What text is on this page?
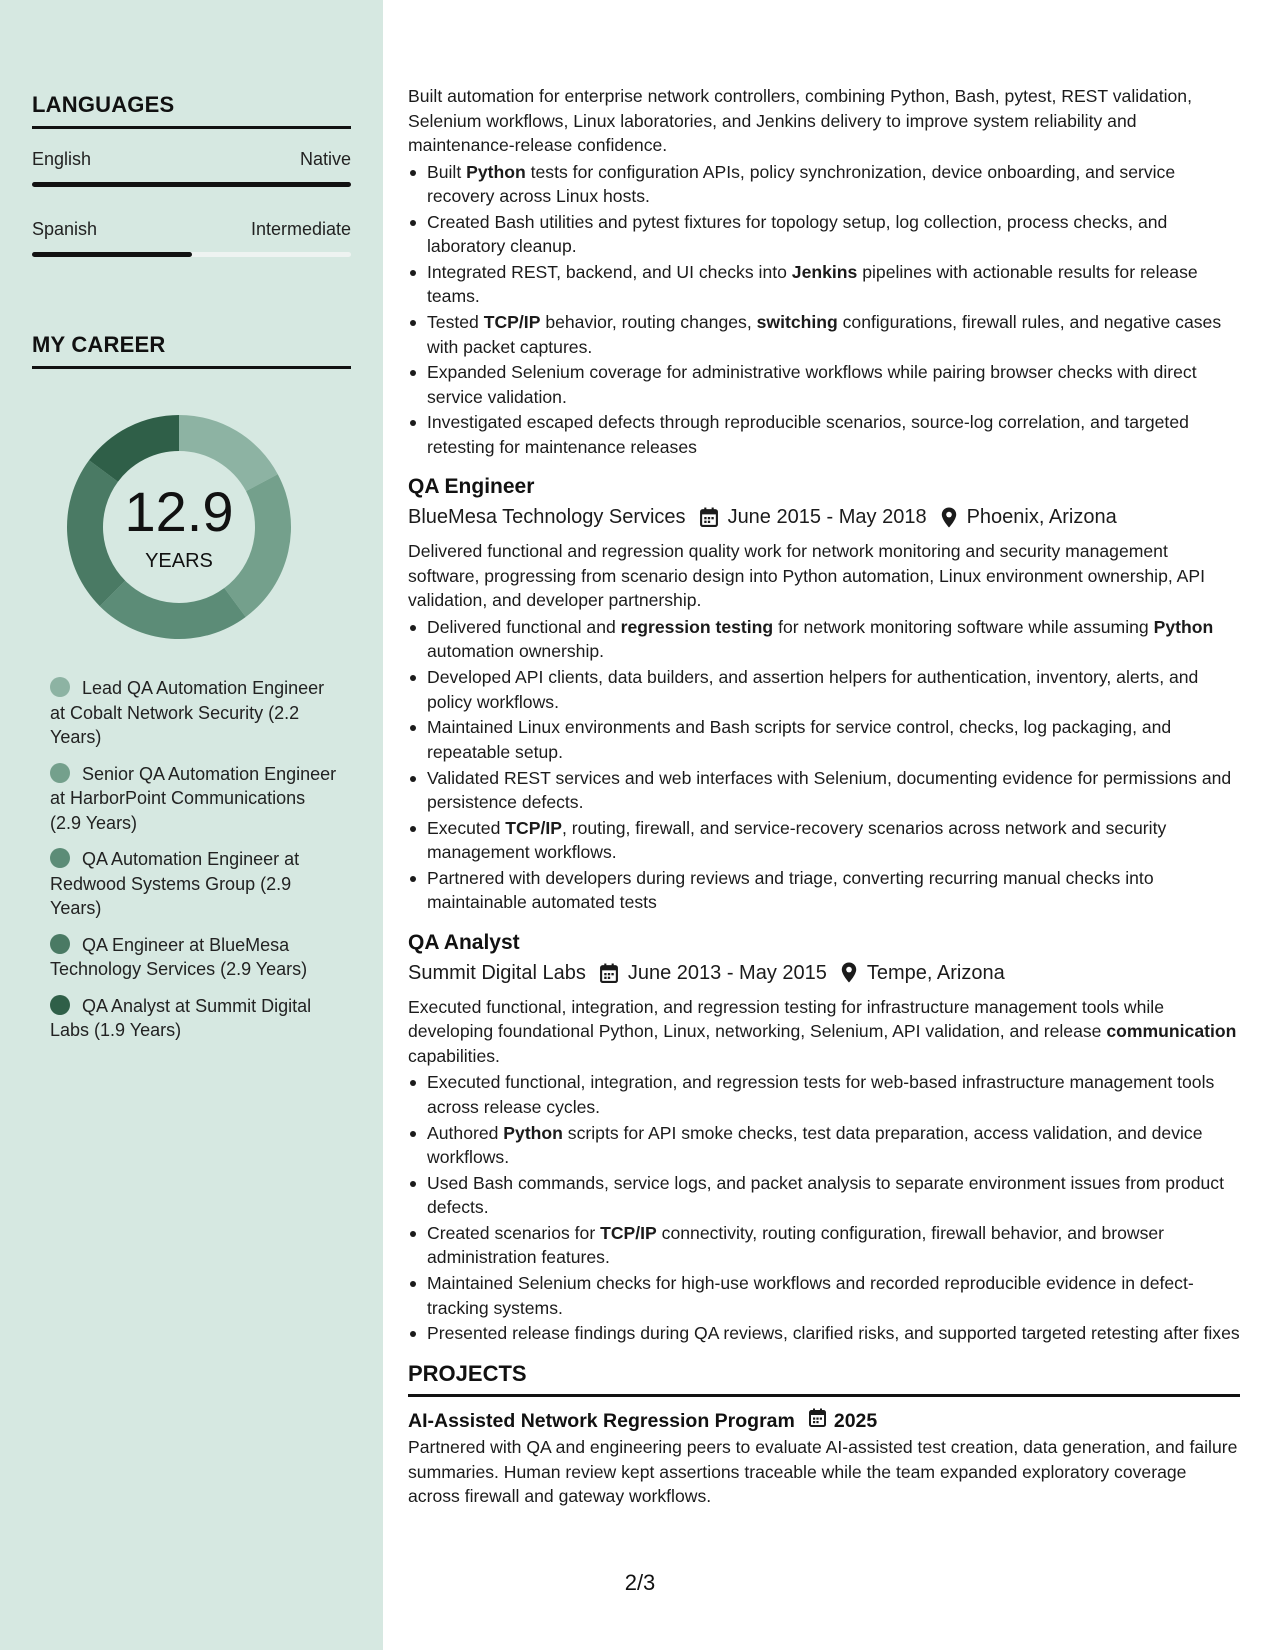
LANGUAGES
English	Native
Spanish	Intermediate
MY CAREER
12.9
YEARS
Lead QA Automation Engineer at Cobalt Network Security (2.2 Years)
Senior QA Automation Engineer at HarborPoint Communications (2.9 Years)
QA Automation Engineer at Redwood Systems Group (2.9 Years)
QA Engineer at BlueMesa Technology Services (2.9 Years)
QA Analyst at Summit Digital Labs (1.9 Years)

Built automation for enterprise network controllers, combining Python, Bash, pytest, REST validation, Selenium workflows, Linux laboratories, and Jenkins delivery to improve system reliability and maintenance-release confidence.

Built Python tests for configuration APIs, policy synchronization, device onboarding, and service recovery across Linux hosts.
Created Bash utilities and pytest fixtures for topology setup, log collection, process checks, and laboratory cleanup.
Integrated REST, backend, and UI checks into Jenkins pipelines with actionable results for release teams.
Tested TCP/IP behavior, routing changes, switching configurations, firewall rules, and negative cases with packet captures.
Expanded Selenium coverage for administrative workflows while pairing browser checks with direct service validation.
Investigated escaped defects through reproducible scenarios, source-log correlation, and targeted retesting for maintenance releases
QA Engineer
BlueMesa Technology Services June 2015 - May 2018 Phoenix, Arizona

Delivered functional and regression quality work for network monitoring and security management software, progressing from scenario design into Python automation, Linux environment ownership, API validation, and developer partnership.

Delivered functional and regression testing for network monitoring software while assuming Python automation ownership.
Developed API clients, data builders, and assertion helpers for authentication, inventory, alerts, and policy workflows.
Maintained Linux environments and Bash scripts for service control, checks, log packaging, and repeatable setup.
Validated REST services and web interfaces with Selenium, documenting evidence for permissions and persistence defects.
Executed TCP/IP, routing, firewall, and service-recovery scenarios across network and security management workflows.
Partnered with developers during reviews and triage, converting recurring manual checks into maintainable automated tests
QA Analyst
Summit Digital Labs June 2013 - May 2015 Tempe, Arizona

Executed functional, integration, and regression testing for infrastructure management tools while developing foundational Python, Linux, networking, Selenium, API validation, and release communication capabilities.

Executed functional, integration, and regression tests for web-based infrastructure management tools across release cycles.
Authored Python scripts for API smoke checks, test data preparation, access validation, and device workflows.
Used Bash commands, service logs, and packet analysis to separate environment issues from product defects.
Created scenarios for TCP/IP connectivity, routing configuration, firewall behavior, and browser administration features.
Maintained Selenium checks for high-use workflows and recorded reproducible evidence in defect-tracking systems.
Presented release findings during QA reviews, clarified risks, and supported targeted retesting after fixes
PROJECTS
AI-Assisted Network Regression Program 2025

Partnered with QA and engineering peers to evaluate AI-assisted test creation, data generation, and failure summaries. Human review kept assertions traceable while the team expanded exploratory coverage across firewall and gateway workflows.

2/3
